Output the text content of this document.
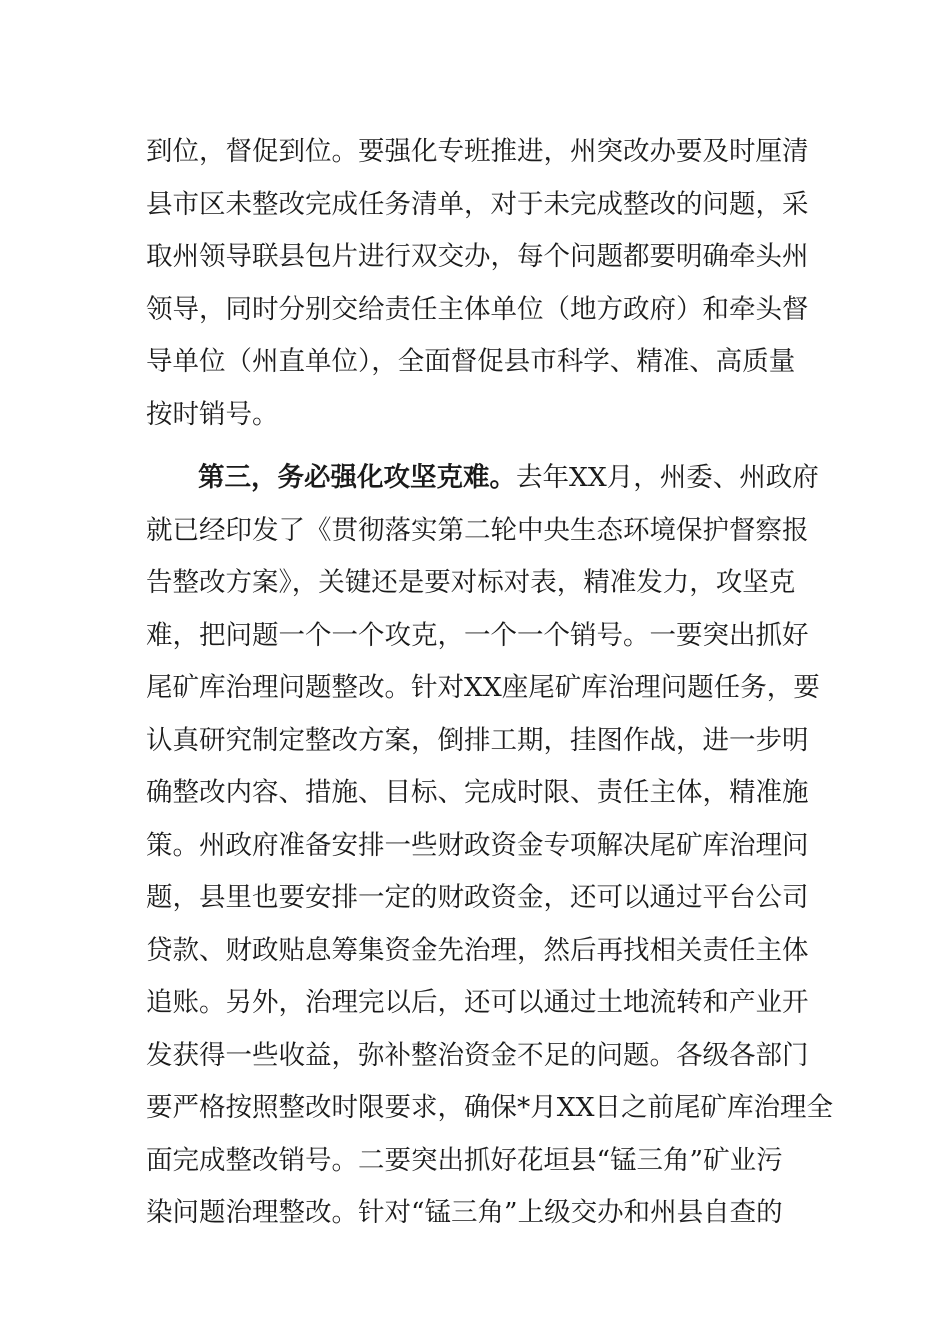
到位，督促到位。要强化专班推进，州突改办要及时厘清
县市区未整改完成任务清单，对于未完成整改的问题，采
取州领导联县包片进行双交办，每个问题都要明确牵头州
领导，同时分别交给责任主体单位（地方政府）和牵头督
导单位（州直单位），全面督促县市科学、精准、高质量
按时销号。
第三，务必强化攻坚克难。去年XX月，州委、州政府
就已经印发了《贯彻落实第二轮中央生态环境保护督察报
告整改方案》，关键还是要对标对表，精准发力，攻坚克
难，把问题一个一个攻克，一个一个销号。一要突出抓好
尾矿库治理问题整改。针对XX座尾矿库治理问题任务，要
认真研究制定整改方案，倒排工期，挂图作战，进一步明
确整改内容、措施、目标、完成时限、责任主体，精准施
策。州政府准备安排一些财政资金专项解决尾矿库治理问
题，县里也要安排一定的财政资金，还可以通过平台公司
贷款、财政贴息筹集资金先治理，然后再找相关责任主体
追账。另外，治理完以后，还可以通过土地流转和产业开
发获得一些收益，弥补整治资金不足的问题。各级各部门
要严格按照整改时限要求，确保*月XX日之前尾矿库治理全
面完成整改销号。二要突出抓好花垣县“锰三角”矿业污
染问题治理整改。针对“锰三角”上级交办和州县自查的
